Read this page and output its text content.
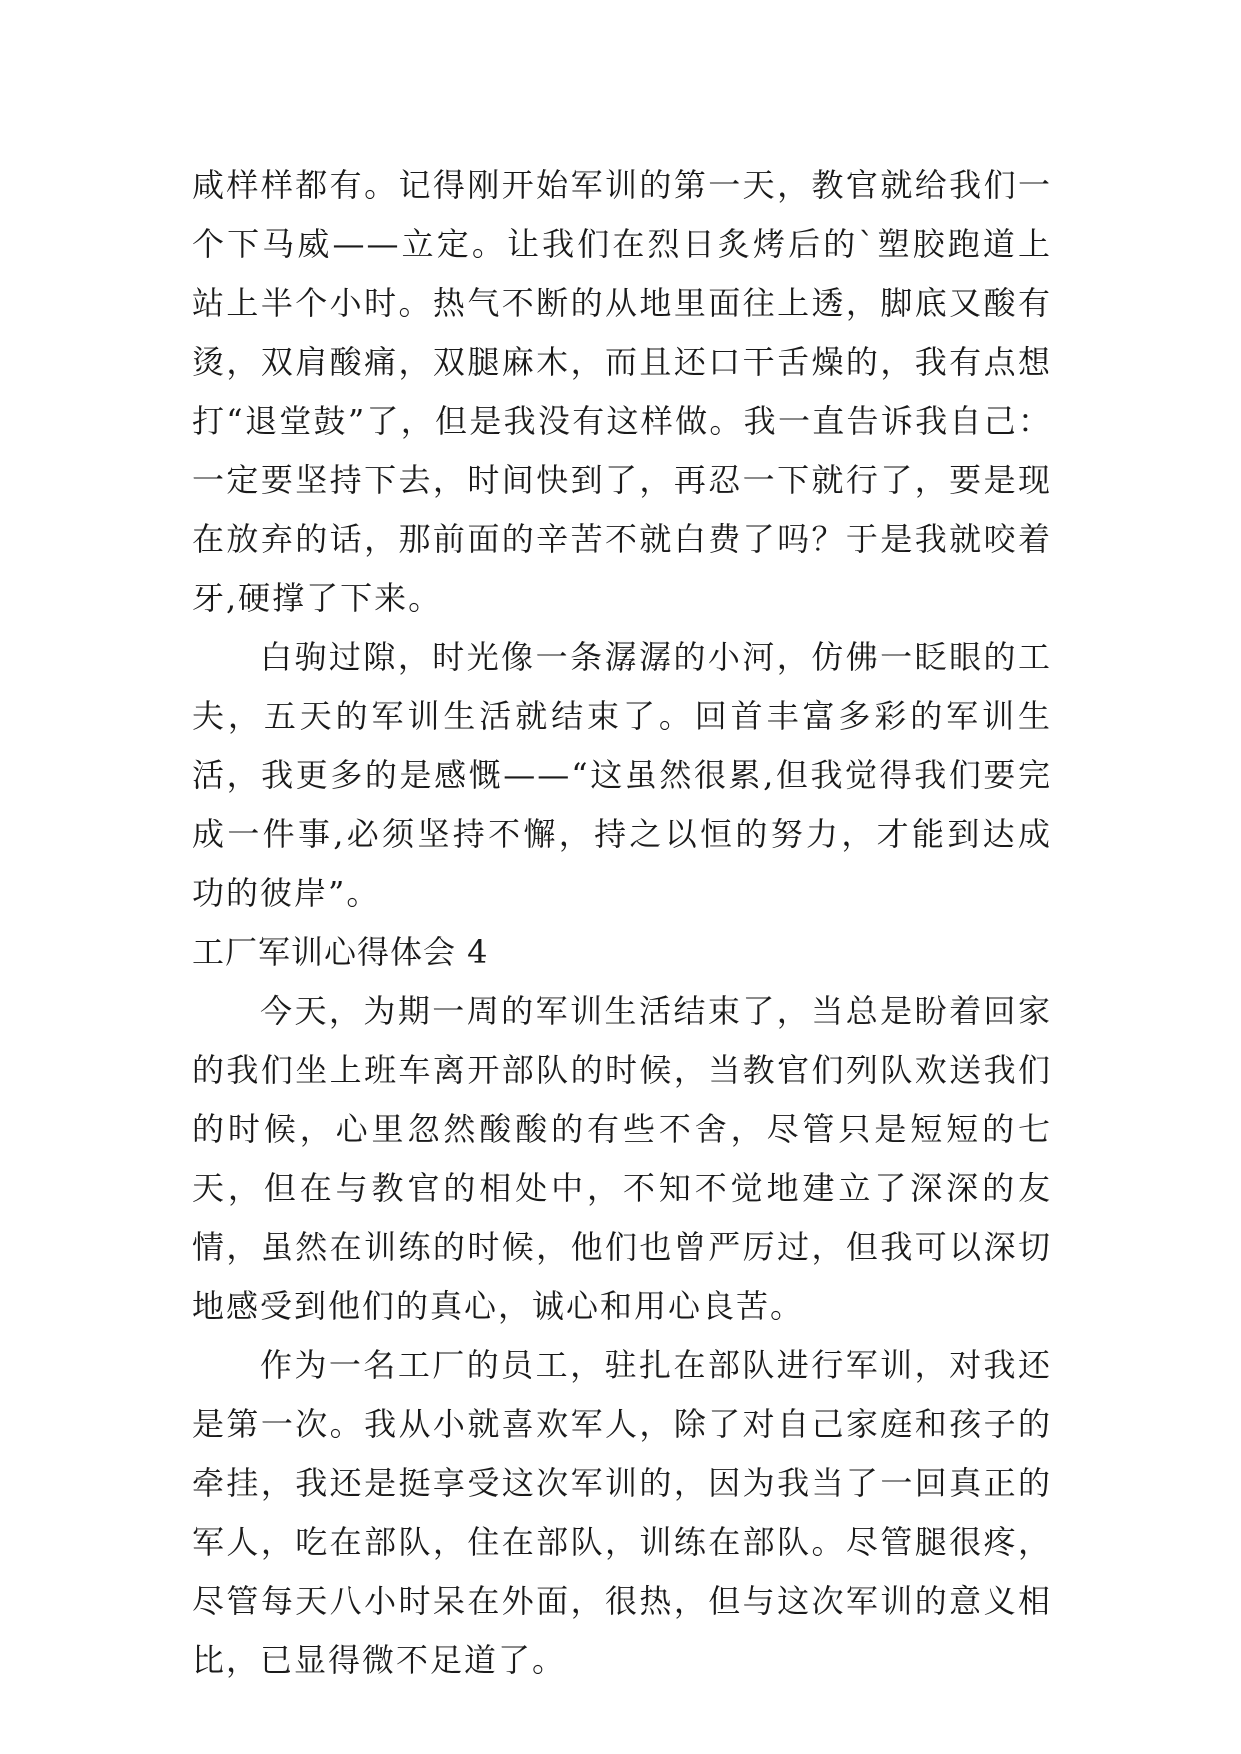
咸样样都有。记得刚开始军训的第一天，教官就给我们一个下马威——立定。让我们在烈日炙烤后的`塑胶跑道上站上半个小时。热气不断的从地里面往上透，脚底又酸有烫，双肩酸痛，双腿麻木，而且还口干舌燥的，我有点想打“退堂鼓”了，但是我没有这样做。我一直告诉我自己：一定要坚持下去，时间快到了，再忍一下就行了，要是现在放弃的话，那前面的辛苦不就白费了吗？于是我就咬着牙,硬撑了下来。

白驹过隙，时光像一条潺潺的小河，仿佛一眨眼的工夫，五天的军训生活就结束了。回首丰富多彩的军训生活，我更多的是感慨——“这虽然很累,但我觉得我们要完成一件事,必须坚持不懈，持之以恒的努力，才能到达成功的彼岸”。

工厂军训心得体会 4

今天，为期一周的军训生活结束了，当总是盼着回家的我们坐上班车离开部队的时候，当教官们列队欢送我们的时候，心里忽然酸酸的有些不舍，尽管只是短短的七天，但在与教官的相处中，不知不觉地建立了深深的友情，虽然在训练的时候，他们也曾严厉过，但我可以深切地感受到他们的真心，诚心和用心良苦。

作为一名工厂的员工，驻扎在部队进行军训，对我还是第一次。我从小就喜欢军人，除了对自己家庭和孩子的牵挂，我还是挺享受这次军训的，因为我当了一回真正的军人，吃在部队，住在部队，训练在部队。尽管腿很疼，尽管每天八小时呆在外面，很热，但与这次军训的意义相比，已显得微不足道了。
